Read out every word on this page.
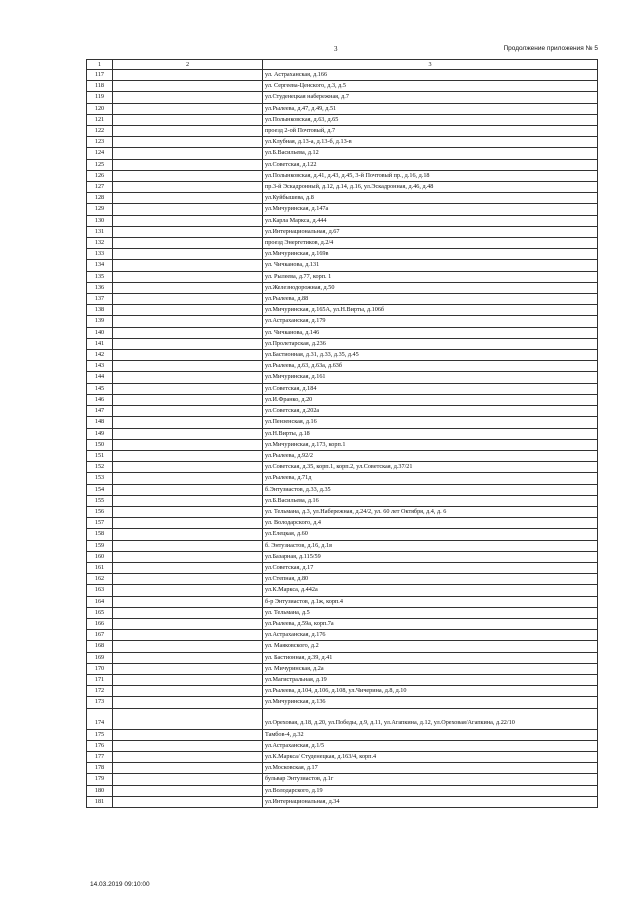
3	Продолжение приложения № 5
1	2	3
117		ул. Астраханская, д.166
118		ул. Сергеева-Ценского, д.3, д.5
119		ул.Студенецкая набережная, д.7
120		ул.Рылеева, д.47, д.49, д.51
121		ул.Полынковская, д.63, д.65
122		проезд 2-ой Почтовый, д.7
123		ул.Клубная, д.13-а, д.13-б, д.13-в
124		ул.Б.Васильева, д.12
125		ул.Советская, д.122
126		ул.Полынковская, д.41, д.43, д.45, 3-й Почтовый пр., д.16, д.18
127		пр.3-й Эскадронный, д.12, д.14, д.16, ул.Эскадронная, д.46, д.48
128		ул.Куйбышева, д.8
129		ул.Мичуринская, д.147а
130		ул.Карла Маркса, д.444
131		ул.Интернациональная, д.67
132		проезд Энергетиков, д.2/4
133		ул.Мичуринская, д.169в
134		ул. Чичканова, д.131
135		ул. Рылеева, д.77, корп. 1
136		ул.Железнодорожная, д.50
137		ул.Рылеева, д.88
138		ул.Мичуринская, д.165А, ул.Н.Вирты, д.106б
139		ул.Астраханская, д.179
140		ул. Чичканова, д.146
141		ул.Пролетарская, д.236
142		ул.Бастионная, д.31, д.33, д.35, д.45
143		ул.Рылеева, д.63, д.63а, д.63б
144		ул.Мичуринская, д.161
145		ул.Советская, д.184
146		ул.И.Франко, д.20
147		ул.Советская, д.202а
148		ул.Пензенская, д.16
149		ул.Н.Вирты, д.18
150		ул.Мичуринская, д.173, корп.1
151		ул.Рылеева, д.92/2
152		ул.Советская, д.35, корп.1, корп.2, ул.Советская, д.37/21
153		ул.Рылеева, д.71д
154		б.Энтузиастов, д.33, д.35
155		ул.Б.Васильева, д.16
156		ул. Тельмана, д.3, ул.Набережная, д.24/2, ул. 60 лет Октября, д.4, д. 6
157		ул. Володарского, д.4
158		ул.Елецкая, д.60
159		б. Энтузиастов, д.16, д.1в
160		ул.Базарная, д.115/59
161		ул.Советская, д.17
162		ул.Степная, д.80
163		ул.К.Маркса, д.442а
164		б-р Энтузиастов, д.1ж, корп.4
165		ул. Тельмана, д.5
166		ул.Рылеева, д.59а, корп.7а
167		ул.Астраханская, д.176
168		ул. Маяковского, д.2
169		ул. Бастионная, д.39, д.41
170		ул. Мичуринская, д.2а
171		ул.Магистральная, д.19
172		ул.Рылеева, д.104, д.106, д.108, ул.Чичерина, д.8, д.10
173		ул.Мичуринская, д.136
174		ул.Ореховая, д.18, д.20, ул.Победы, д.9, д.11, ул.Агапкина, д.12, ул.Ореховая/Агапкина, д.22/10
175		Тамбов-4, д.32
176		ул.Астраханская, д.1/5
177		ул.К.Маркса/ Студенецкая, д.163/4, корп.4
178		ул.Московская, д.17
179		бульвар Энтузиастов, д.1г
180		ул.Володарского, д.19
181		ул.Интернациональная, д.34
14.03.2019 09:10:00
